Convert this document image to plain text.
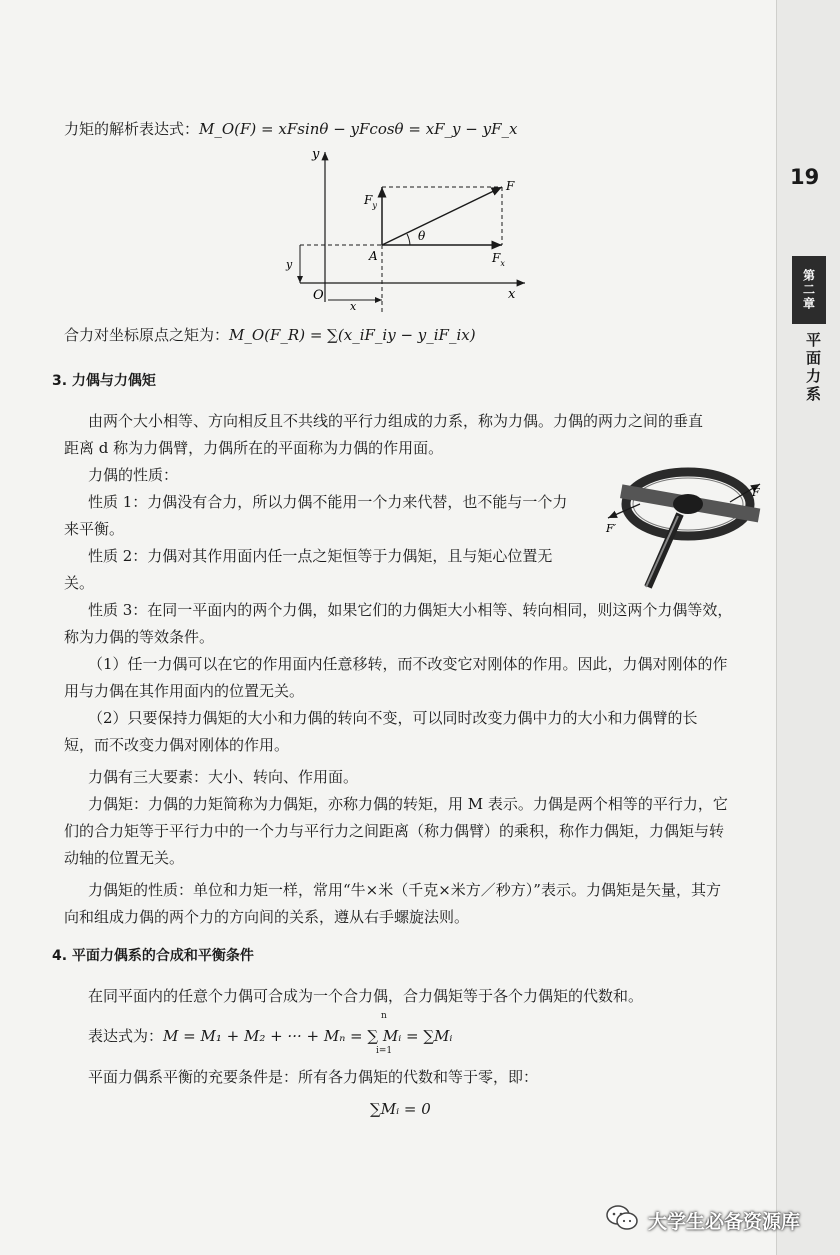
19
第二章
平面力系
力矩的解析表达式：M_O(F) = xFsinθ − yFcosθ = xF_y − yF_x
y
x
O
A
F
$F_y$
$F_x$
θ
y
x
合力对坐标原点之矩为：M_O(F_R) = ∑(x_iF_iy − y_iF_ix)
3. 力偶与力偶矩
由两个大小相等、方向相反且不共线的平行力组成的力系，称为力偶。力偶的两力之间的垂直
距离 d 称为力偶臂，力偶所在的平面称为力偶的作用面。
力偶的性质：
性质 1：力偶没有合力，所以力偶不能用一个力来代替，也不能与一个力
来平衡。
性质 2：力偶对其作用面内任一点之矩恒等于力偶矩，且与矩心位置无
关。
F
F′
性质 3：在同一平面内的两个力偶，如果它们的力偶矩大小相等、转向相同，则这两个力偶等效，
称为力偶的等效条件。
（1）任一力偶可以在它的作用面内任意移转，而不改变它对刚体的作用。因此，力偶对刚体的作
用与力偶在其作用面内的位置无关。
（2）只要保持力偶矩的大小和力偶的转向不变，可以同时改变力偶中力的大小和力偶臂的长
短，而不改变力偶对刚体的作用。
力偶有三大要素：大小、转向、作用面。
力偶矩：力偶的力矩简称为力偶矩，亦称力偶的转矩，用 M 表示。力偶是两个相等的平行力，它
们的合力矩等于平行力中的一个力与平行力之间距离（称力偶臂）的乘积，称作力偶矩，力偶矩与转
动轴的位置无关。
力偶矩的性质：单位和力矩一样，常用“牛×米（千克×米方／秒方）”表示。力偶矩是矢量，其方
向和组成力偶的两个力的方向间的关系，遵从右手螺旋法则。
4. 平面力偶系的合成和平衡条件
在同平面内的任意个力偶可合成为一个合力偶，合力偶矩等于各个力偶矩的代数和。
表达式为：M = M₁ + M₂ + ··· + Mₙ = ∑ Mᵢ = ∑Mᵢ
n
i=1
平面力偶系平衡的充要条件是：所有各力偶矩的代数和等于零，即：
∑Mᵢ = 0
大学生必备资源库
